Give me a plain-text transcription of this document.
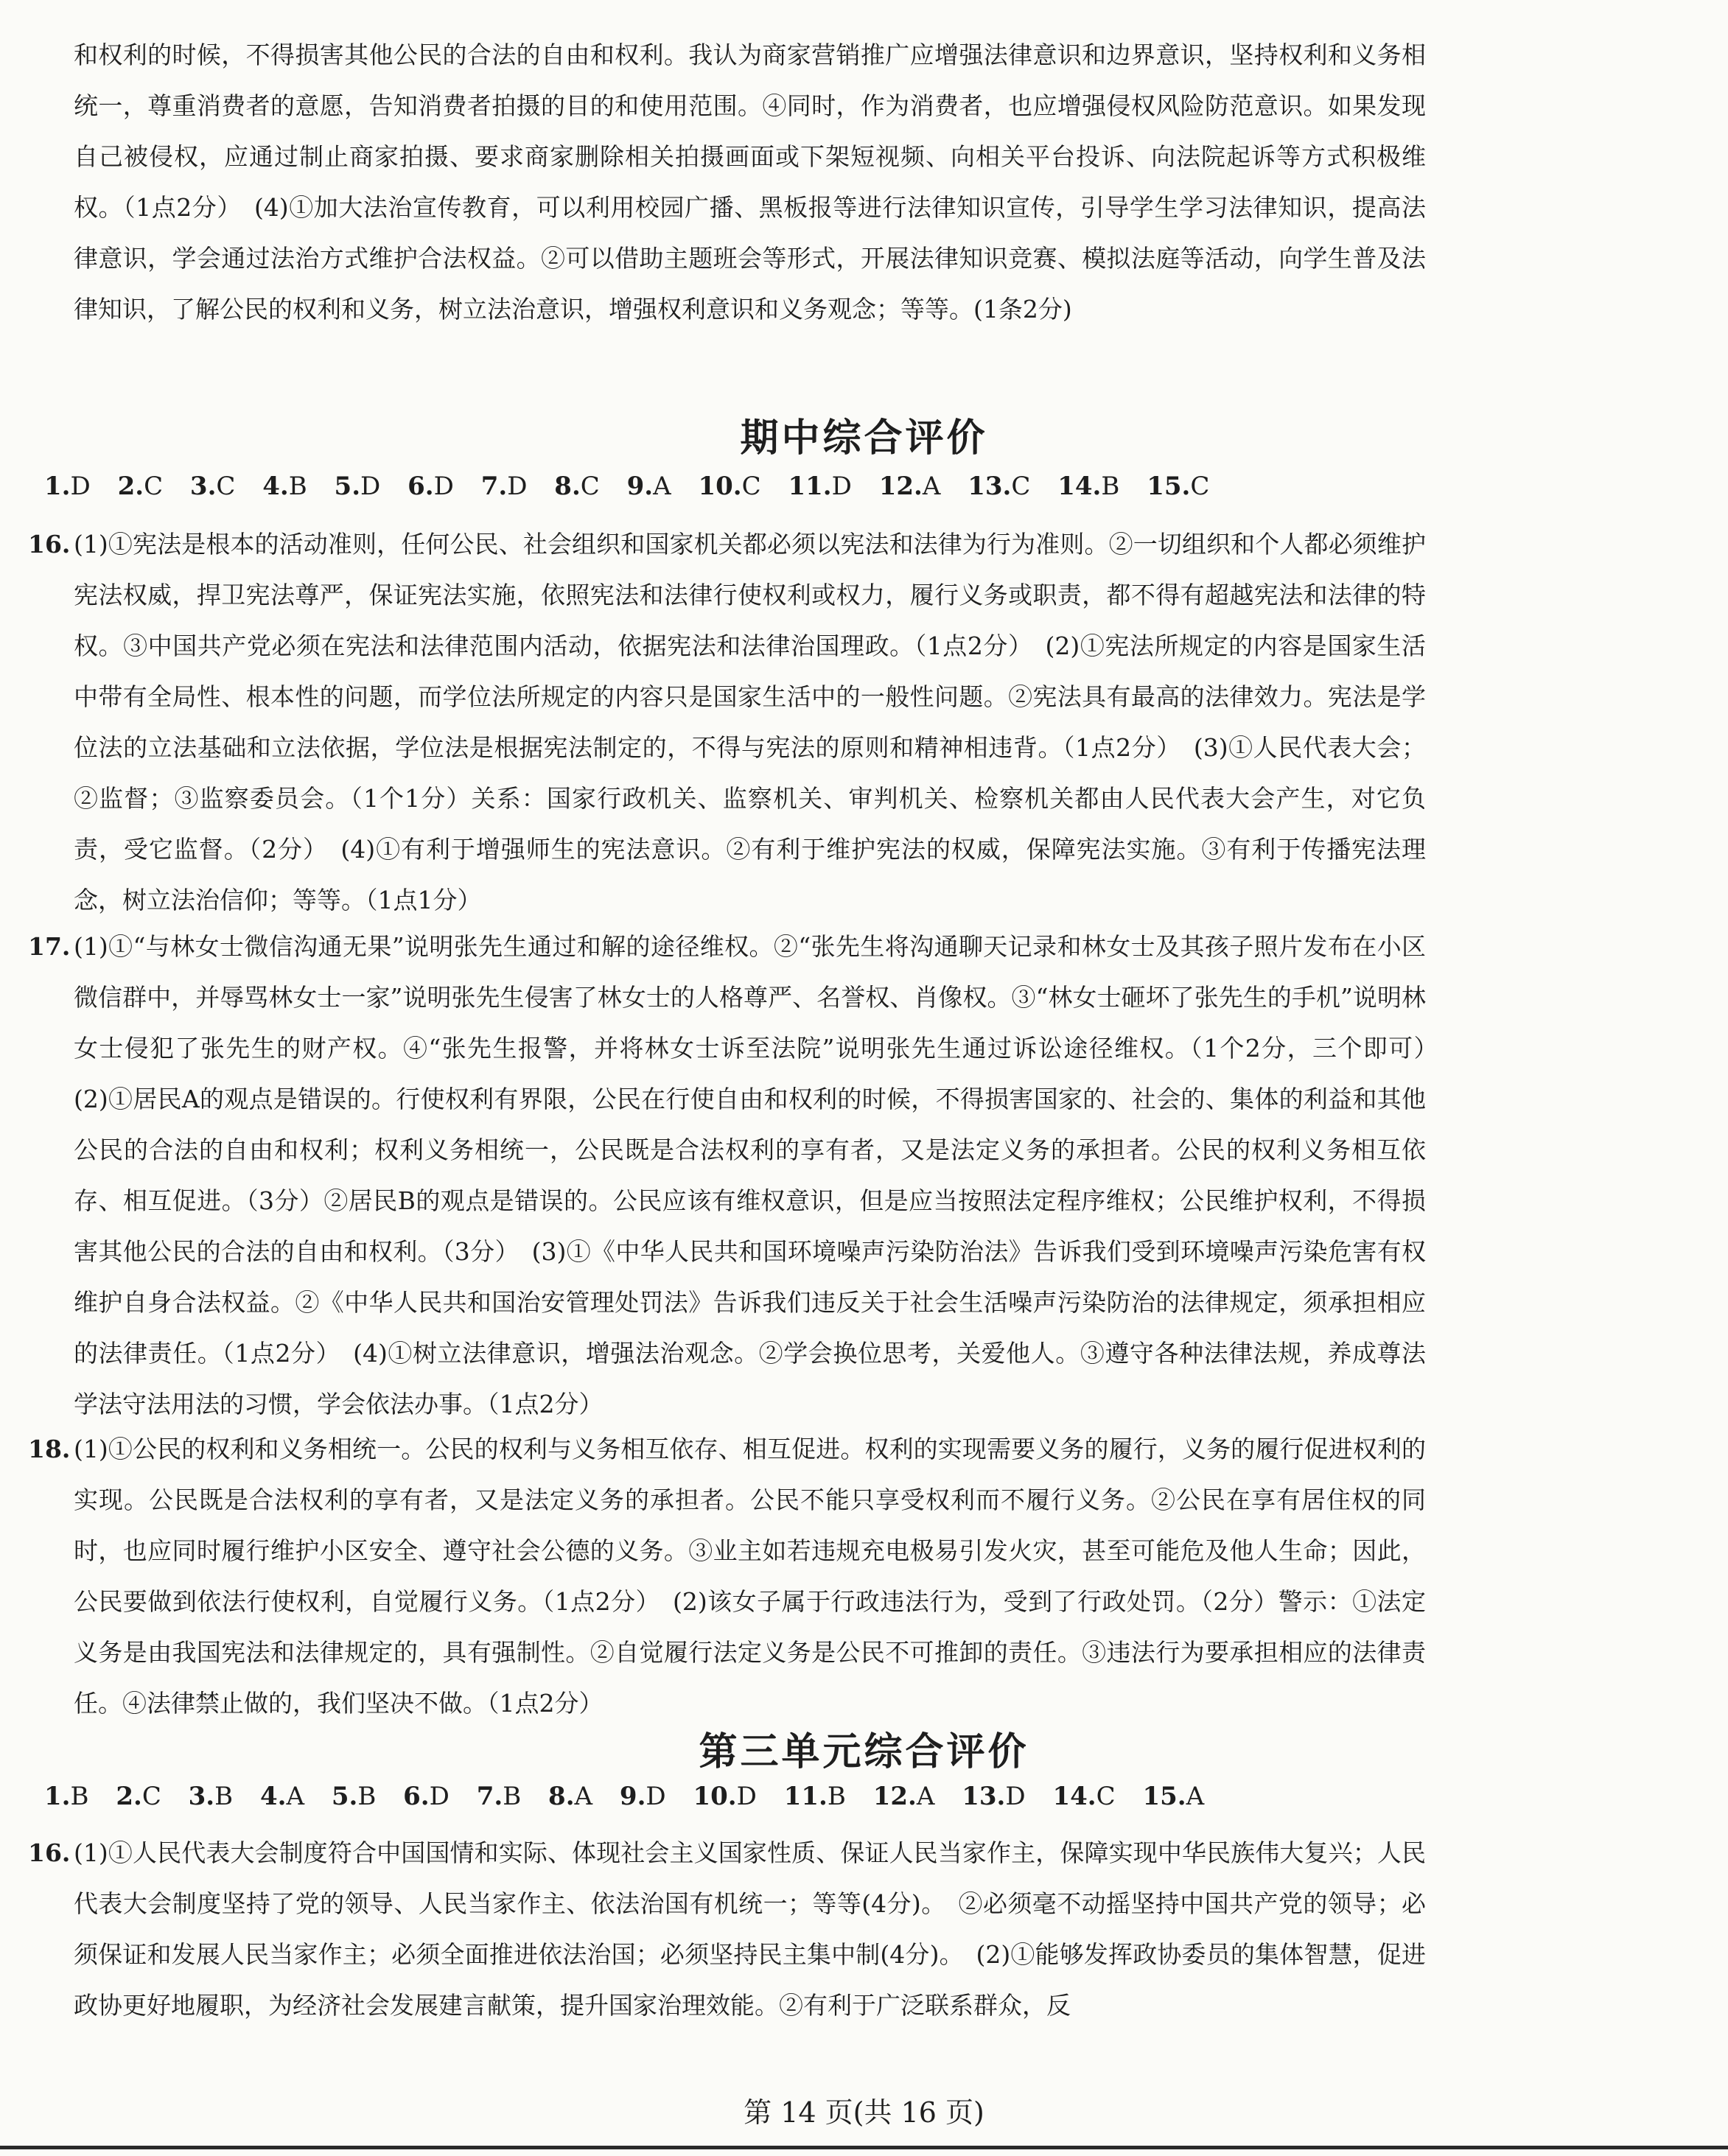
和权利的时候，不得损害其他公民的合法的自由和权利。我认为商家营销推广应增强法律意识和边界意识，坚持权利和义务相统一，尊重消费者的意愿，告知消费者拍摄的目的和使用范围。④同时，作为消费者，也应增强侵权风险防范意识。如果发现自己被侵权，应通过制止商家拍摄、要求商家删除相关拍摄画面或下架短视频、向相关平台投诉、向法院起诉等方式积极维权。（1点2分）　(4)①加大法治宣传教育，可以利用校园广播、黑板报等进行法律知识宣传，引导学生学习法律知识，提高法律意识，学会通过法治方式维护合法权益。②可以借助主题班会等形式，开展法律知识竞赛、模拟法庭等活动，向学生普及法律知识，了解公民的权利和义务，树立法治意识，增强权利意识和义务观念；等等。(1条2分)
期中综合评价
1.D 2.C 3.C 4.B 5.D 6.D 7.D 8.C 9.A 10.C 11.D 12.A 13.C 14.B 15.C
16. (1)①宪法是根本的活动准则，任何公民、社会组织和国家机关都必须以宪法和法律为行为准则。②一切组织和个人都必须维护宪法权威，捍卫宪法尊严，保证宪法实施，依照宪法和法律行使权利或权力，履行义务或职责，都不得有超越宪法和法律的特权。③中国共产党必须在宪法和法律范围内活动，依据宪法和法律治国理政。（1点2分）　(2)①宪法所规定的内容是国家生活中带有全局性、根本性的问题，而学位法所规定的内容只是国家生活中的一般性问题。②宪法具有最高的法律效力。宪法是学位法的立法基础和立法依据，学位法是根据宪法制定的，不得与宪法的原则和精神相违背。（1点2分）　(3)①人民代表大会；②监督；③监察委员会。（1个1分）关系：国家行政机关、监察机关、审判机关、检察机关都由人民代表大会产生，对它负责，受它监督。（2分）　(4)①有利于增强师生的宪法意识。②有利于维护宪法的权威，保障宪法实施。③有利于传播宪法理念，树立法治信仰；等等。（1点1分）
17. (1)①“与林女士微信沟通无果”说明张先生通过和解的途径维权。②“张先生将沟通聊天记录和林女士及其孩子照片发布在小区微信群中，并辱骂林女士一家”说明张先生侵害了林女士的人格尊严、名誉权、肖像权。③“林女士砸坏了张先生的手机”说明林女士侵犯了张先生的财产权。④“张先生报警，并将林女士诉至法院”说明张先生通过诉讼途径维权。（1个2分，三个即可）　(2)①居民A的观点是错误的。行使权利有界限，公民在行使自由和权利的时候，不得损害国家的、社会的、集体的利益和其他公民的合法的自由和权利；权利义务相统一，公民既是合法权利的享有者，又是法定义务的承担者。公民的权利义务相互依存、相互促进。（3分）②居民B的观点是错误的。公民应该有维权意识，但是应当按照法定程序维权；公民维护权利，不得损害其他公民的合法的自由和权利。（3分）　(3)①《中华人民共和国环境噪声污染防治法》告诉我们受到环境噪声污染危害有权维护自身合法权益。②《中华人民共和国治安管理处罚法》告诉我们违反关于社会生活噪声污染防治的法律规定，须承担相应的法律责任。（1点2分）　(4)①树立法律意识，增强法治观念。②学会换位思考，关爱他人。③遵守各种法律法规，养成尊法学法守法用法的习惯，学会依法办事。（1点2分）
18. (1)①公民的权利和义务相统一。公民的权利与义务相互依存、相互促进。权利的实现需要义务的履行，义务的履行促进权利的实现。公民既是合法权利的享有者，又是法定义务的承担者。公民不能只享受权利而不履行义务。②公民在享有居住权的同时，也应同时履行维护小区安全、遵守社会公德的义务。③业主如若违规充电极易引发火灾，甚至可能危及他人生命；因此，公民要做到依法行使权利，自觉履行义务。（1点2分）　(2)该女子属于行政违法行为，受到了行政处罚。（2分）警示：①法定义务是由我国宪法和法律规定的，具有强制性。②自觉履行法定义务是公民不可推卸的责任。③违法行为要承担相应的法律责任。④法律禁止做的，我们坚决不做。（1点2分）
第三单元综合评价
1.B 2.C 3.B 4.A 5.B 6.D 7.B 8.A 9.D 10.D 11.B 12.A 13.D 14.C 15.A
16. (1)①人民代表大会制度符合中国国情和实际、体现社会主义国家性质、保证人民当家作主，保障实现中华民族伟大复兴；人民代表大会制度坚持了党的领导、人民当家作主、依法治国有机统一；等等(4分)。　②必须毫不动摇坚持中国共产党的领导；必须保证和发展人民当家作主；必须全面推进依法治国；必须坚持民主集中制(4分)。　(2)①能够发挥政协委员的集体智慧，促进政协更好地履职，为经济社会发展建言献策，提升国家治理效能。②有利于广泛联系群众，反
第 14 页(共 16 页)
